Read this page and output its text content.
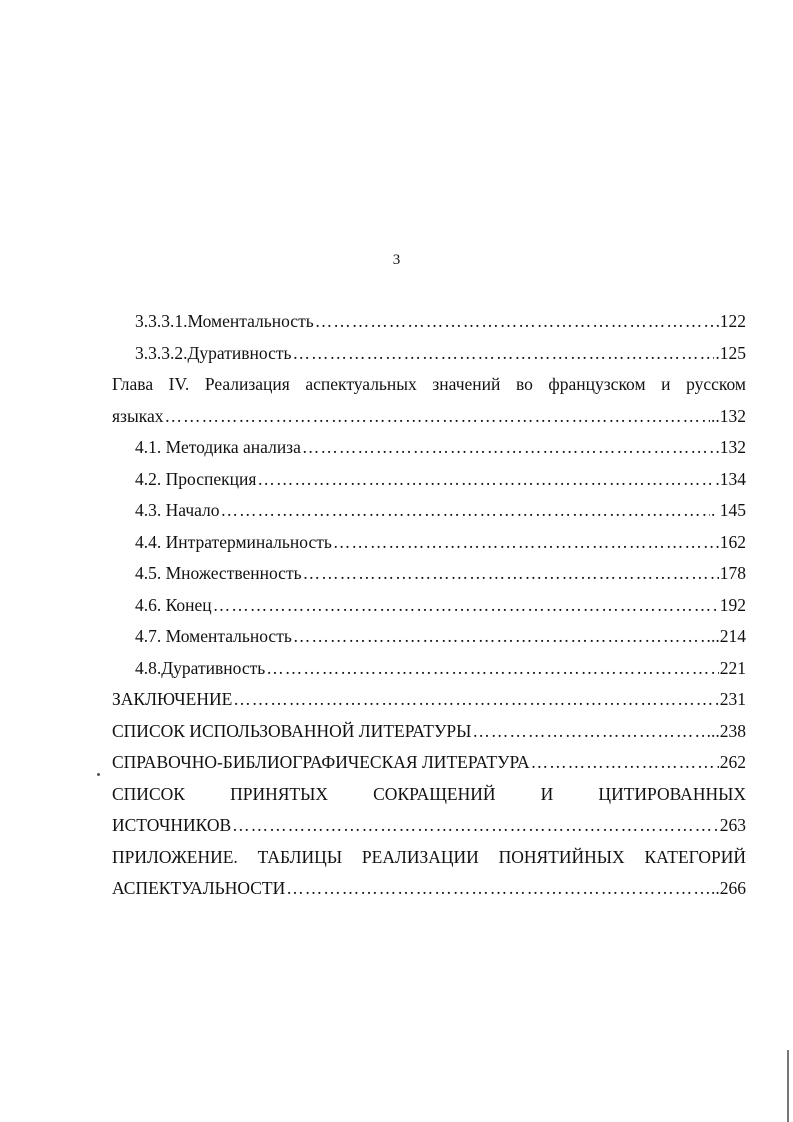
3
3.3.3.1.Моментальность ……………………………………………………………………………………………………………………………………………	122
3.3.3.2.Дуративность ……………………………………………………………………………………………………………………………………………	.125
Глава IV. Реализация аспектуальных значений во французском и русском
языках ……………………………………………………………………………………………………………………………………………	..132
4.1. Методика анализа ……………………………………………………………………………………………………………………………………………	132
4.2. Проспекция ……………………………………………………………………………………………………………………………………………	.134
4.3. Начало ……………………………………………………………………………………………………………………………………………	. 145
4.4. Интратерминальность ……………………………………………………………………………………………………………………………………………	.162
4.5. Множественность ……………………………………………………………………………………………………………………………………………	178
4.6. Конец ……………………………………………………………………………………………………………………………………………	192
4.7. Моментальность ……………………………………………………………………………………………………………………………………………	..214
4.8.Дуративность ……………………………………………………………………………………………………………………………………………	221
ЗАКЛЮЧЕНИЕ ……………………………………………………………………………………………………………………………………………	231
СПИСОК ИСПОЛЬЗОВАННОЙ ЛИТЕРАТУРЫ ……………………………………………………………………………………………………………………………………………	...238
СПРАВОЧНО-БИБЛИОГРАФИЧЕСКАЯ ЛИТЕРАТУРА ……………………………………………………………………………………………………………………………………………	262
СПИСОК ПРИНЯТЫХ СОКРАЩЕНИЙ И ЦИТИРОВАННЫХ
ИСТОЧНИКОВ ……………………………………………………………………………………………………………………………………………	263
ПРИЛОЖЕНИЕ. ТАБЛИЦЫ РЕАЛИЗАЦИИ ПОНЯТИЙНЫХ КАТЕГОРИЙ
АСПЕКТУАЛЬНОСТИ ……………………………………………………………………………………………………………………………………………	..266
